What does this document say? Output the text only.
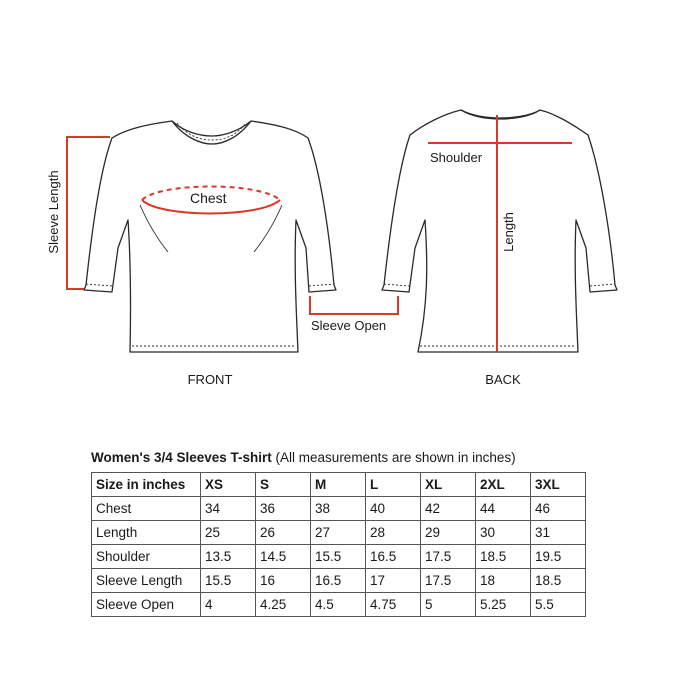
Chest
Sleeve Length
Sleeve Open
FRONT
Shoulder
Length
BACK
Women's 3/4 Sleeves T-shirt (All measurements are shown in inches)
Size in inches	XS	S	M	L	XL	2XL	3XL
Chest	34	36	38	40	42	44	46
Length	25	26	27	28	29	30	31
Shoulder	13.5	14.5	15.5	16.5	17.5	18.5	19.5
Sleeve Length	15.5	16	16.5	17	17.5	18	18.5
Sleeve Open	4	4.25	4.5	4.75	5	5.25	5.5
